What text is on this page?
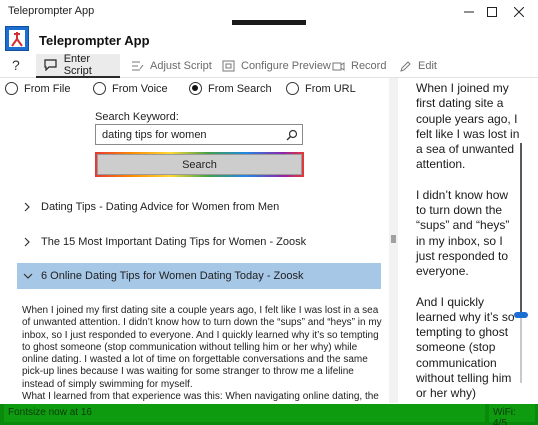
Teleprompter App
Teleprompter App
?	Enter Script	Adjust Script	Configure Preview Record	Edit
From File	From Voice	From Search	From URL
Search Keyword:
dating tips for women
Search
Dating Tips - Dating Advice for Women from Men
The 15 Most Important Dating Tips for Women - Zoosk
6 Online Dating Tips for Women Dating Today - Zoosk
When I joined my first dating site a couple years ago, I felt like I was lost in a sea of unwanted attention. I didn’t know how to turn down the “sups” and “heys” in my inbox, so I just responded to everyone. And I quickly learned why it’s so tempting to ghost someone (stop communication without telling him or her why) while online dating. I wasted a lot of time on forgettable conversations and the same pick-up lines because I was waiting for some stranger to throw me a lifeline instead of simply swimming for myself.
What I learned from that experience was this: When navigating online dating, the

When I joined my first dating site a couple years ago, I felt like I was lost in a sea of unwanted attention.

I didn’t know how to turn down the “sups” and “heys” in my inbox, so I just responded to everyone.

And I quickly learned why it’s so tempting to ghost someone (stop communication without telling him or her why)

Fontsize now at 16	WiFi: 4/5
